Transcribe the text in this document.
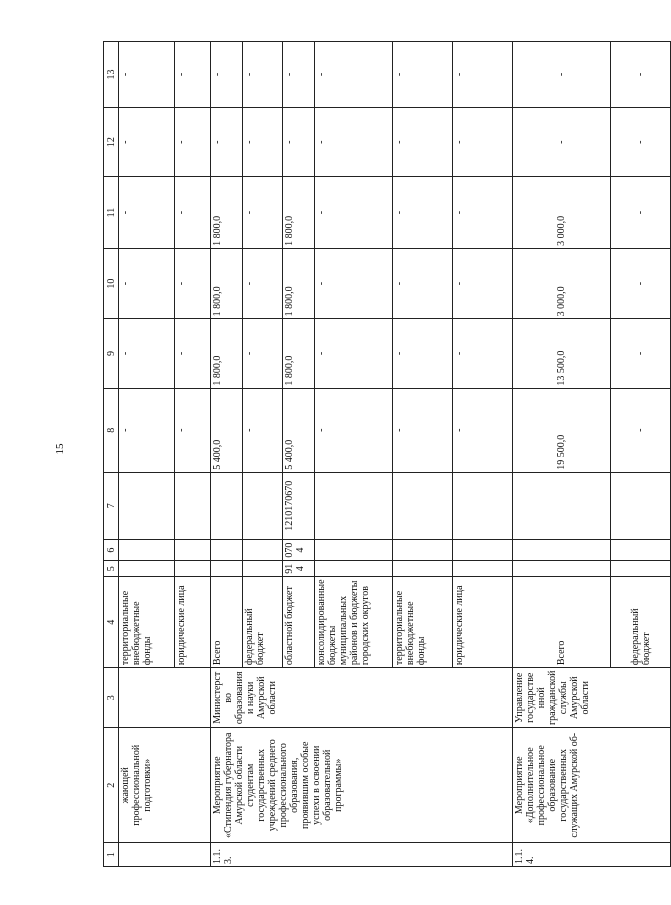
15
1	2	3	4	5	6	7	8	9	10	11	12	13
	жающей профессиональной подготовки»		территориальные внебюджетные фонды				-	-	-	-	-	-
			юридические лица				-	-	-	-	-	-
1.1.3.	Мероприятие «Стипендия губернатора Амурской области студентам государственных учреждений среднего профессионального образования, проявившим особые успехи в освоении образовательной программы»	Министерство образования и науки Амурской области	Всего				5 400,0	1 800,0	1 800,0	1 800,0	-	-
			федеральный бюджет				-	-	-	-	-	-
			областной бюджет	914	0704	1210170670	5 400,0	1 800,0	1 800,0	1 800,0	-	-
			консолидированные бюджеты муниципальных районов и бюджеты городских округов				-	-	-	-	-	-
			территориальные внебюджетные фонды				-	-	-	-	-	-
			юридические лица				-	-	-	-	-	-
1.1.4.	Мероприятие «Дополнительное профессиональное образование государственных служащих Амурской об-	Управление государственной гражданской службы Амурской области	Всего				19 500,0	13 500,0	3 000,0	3 000,0	-	-
			федеральный бюджет				-	-	-	-	-	-
